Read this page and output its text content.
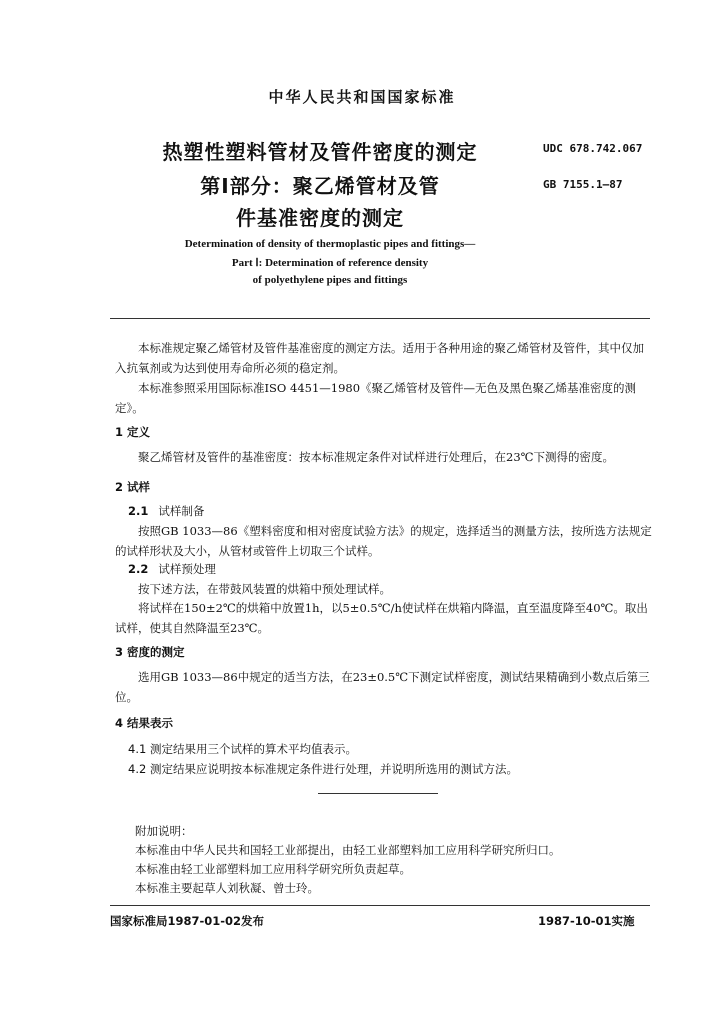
中华人民共和国国家标准
热塑性塑料管材及管件密度的测定
第Ⅰ部分：聚乙烯管材及管
件基准密度的测定
UDC 678.742.067
GB 7155.1—87
Determination of density of thermoplastic pipes and fittings—
Part Ⅰ: Determination of reference density
of polyethylene pipes and fittings
本标准规定聚乙烯管材及管件基准密度的测定方法。适用于各种用途的聚乙烯管材及管件，其中仅加入抗氧剂或为达到使用寿命所必须的稳定剂。
本标准参照采用国际标准ISO 4451—1980《聚乙烯管材及管件—无色及黑色聚乙烯基准密度的测定》。
1 定义
聚乙烯管材及管件的基准密度：按本标准规定条件对试样进行处理后，在23℃下测得的密度。
2 试样
2.1 试样制备
按照GB 1033—86《塑料密度和相对密度试验方法》的规定，选择适当的测量方法，按所选方法规定的试样形状及大小，从管材或管件上切取三个试样。
2.2 试样预处理
按下述方法，在带鼓风装置的烘箱中预处理试样。
将试样在150±2℃的烘箱中放置1h，以5±0.5℃/h使试样在烘箱内降温，直至温度降至40℃。取出试样，使其自然降温至23℃。
3 密度的测定
选用GB 1033—86中规定的适当方法，在23±0.5℃下测定试样密度，测试结果精确到小数点后第三位。
4 结果表示
4.1 测定结果用三个试样的算术平均值表示。
4.2 测定结果应说明按本标准规定条件进行处理，并说明所选用的测试方法。
附加说明：
本标准由中华人民共和国轻工业部提出，由轻工业部塑料加工应用科学研究所归口。
本标准由轻工业部塑料加工应用科学研究所负责起草。
本标准主要起草人刘秋凝、曾士玲。
国家标准局1987-01-02发布	1987-10-01实施
